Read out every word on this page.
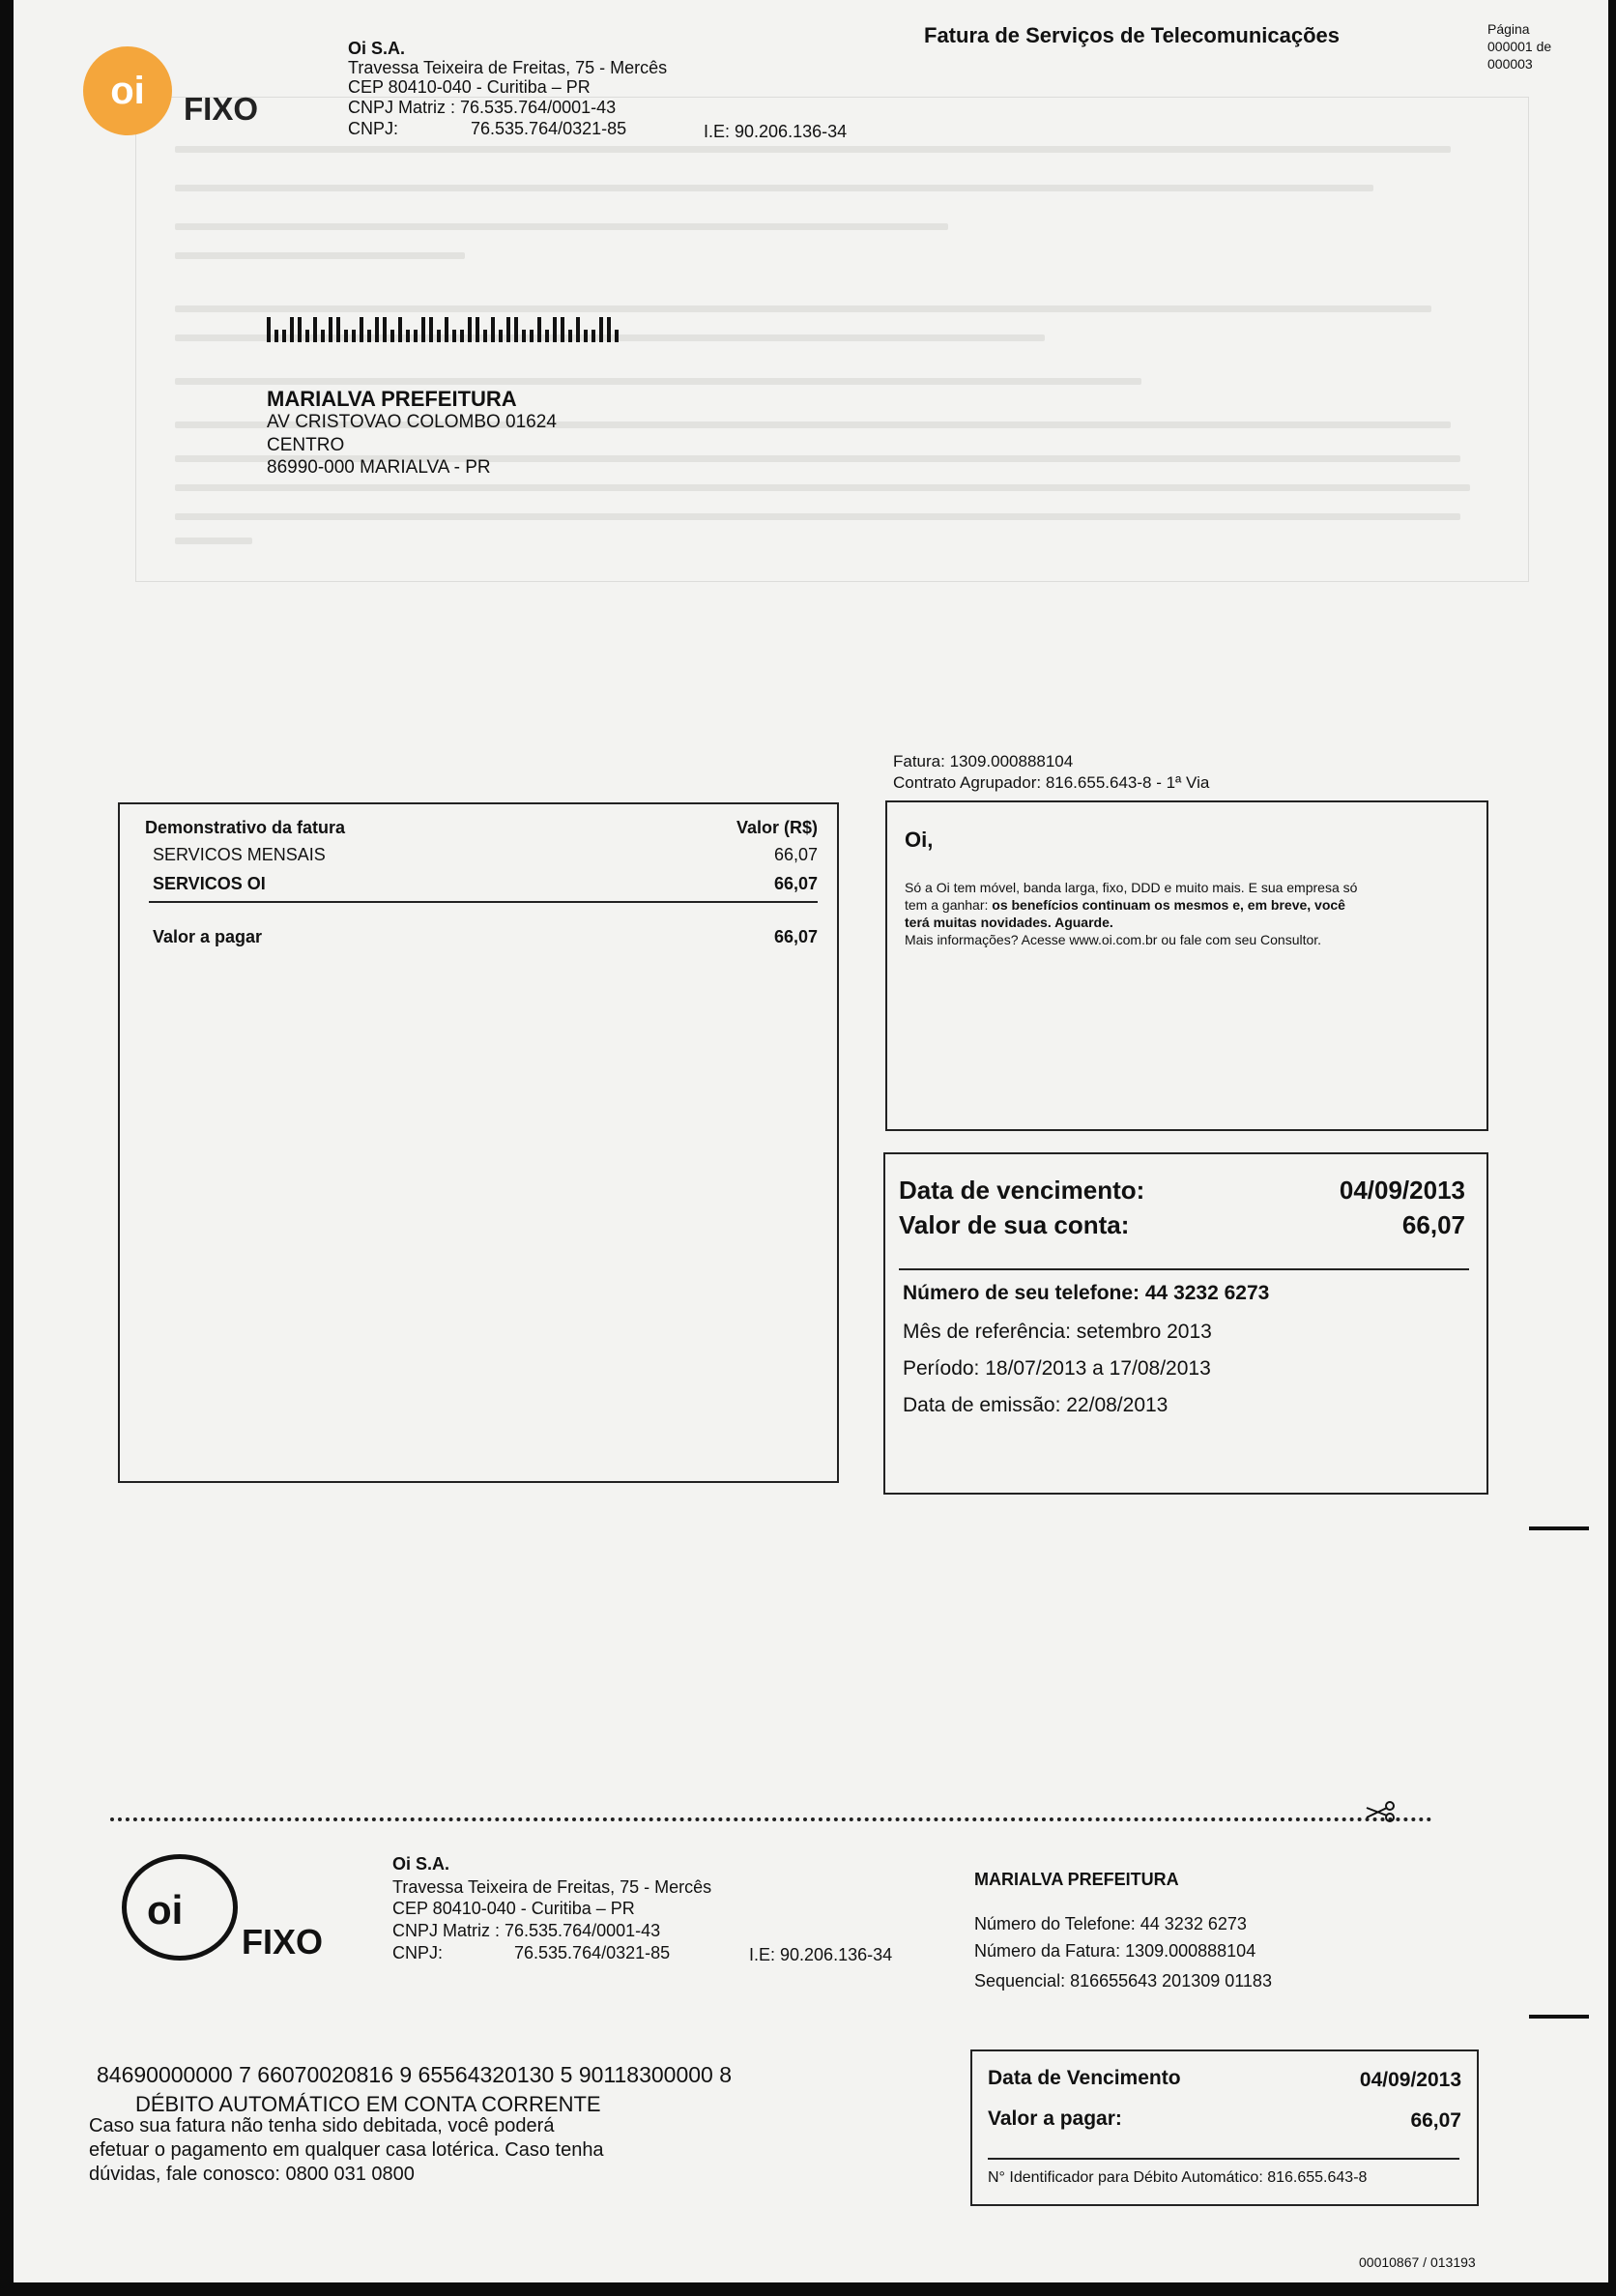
oi FIXO
Oi S.A.
Travessa Teixeira de Freitas, 75 - Mercês
CEP 80410-040 - Curitiba – PR
CNPJ Matriz : 76.535.764/0001-43
CNPJ:	76.535.764/0321-85	I.E: 90.206.136-34
Fatura de Serviços de Telecomunicações	Página
000001 de
000003
MARIALVA PREFEITURA
AV CRISTOVAO COLOMBO 01624
CENTRO
86990-000 MARIALVA - PR
Fatura: 1309.000888104
Contrato Agrupador: 816.655.643-8 - 1ª Via
Demonstrativo da fatura	Valor (R$)
SERVICOS MENSAIS	66,07
SERVICOS OI	66,07
Valor a pagar	66,07
Oi,
Só a Oi tem móvel, banda larga, fixo, DDD e muito mais. E sua empresa só
tem a ganhar: os benefícios continuam os mesmos e, em breve, você
terá muitas novidades. Aguarde.
Mais informações? Acesse www.oi.com.br ou fale com seu Consultor.
Data de vencimento:	04/09/2013
Valor de sua conta:	66,07
Número de seu telefone: 44 3232 6273
Mês de referência: setembro 2013
Período: 18/07/2013 a 17/08/2013
Data de emissão: 22/08/2013
oi
FIXO
Oi S.A.
Travessa Teixeira de Freitas, 75 - Mercês
CEP 80410-040 - Curitiba – PR
CNPJ Matriz : 76.535.764/0001-43
CNPJ:	76.535.764/0321-85	I.E: 90.206.136-34
MARIALVA PREFEITURA
Número do Telefone: 44 3232 6273
Número da Fatura: 1309.000888104
Sequencial: 816655643 201309 01183
84690000000 7 66070020816 9 65564320130 5 90118300000 8
DÉBITO AUTOMÁTICO EM CONTA CORRENTE
Caso sua fatura não tenha sido debitada, você poderá
efetuar o pagamento em qualquer casa lotérica. Caso tenha
dúvidas, fale conosco: 0800 031 0800
Data de Vencimento	04/09/2013
Valor a pagar:	66,07
N° Identificador para Débito Automático: 816.655.643-8
00010867 / 013193
